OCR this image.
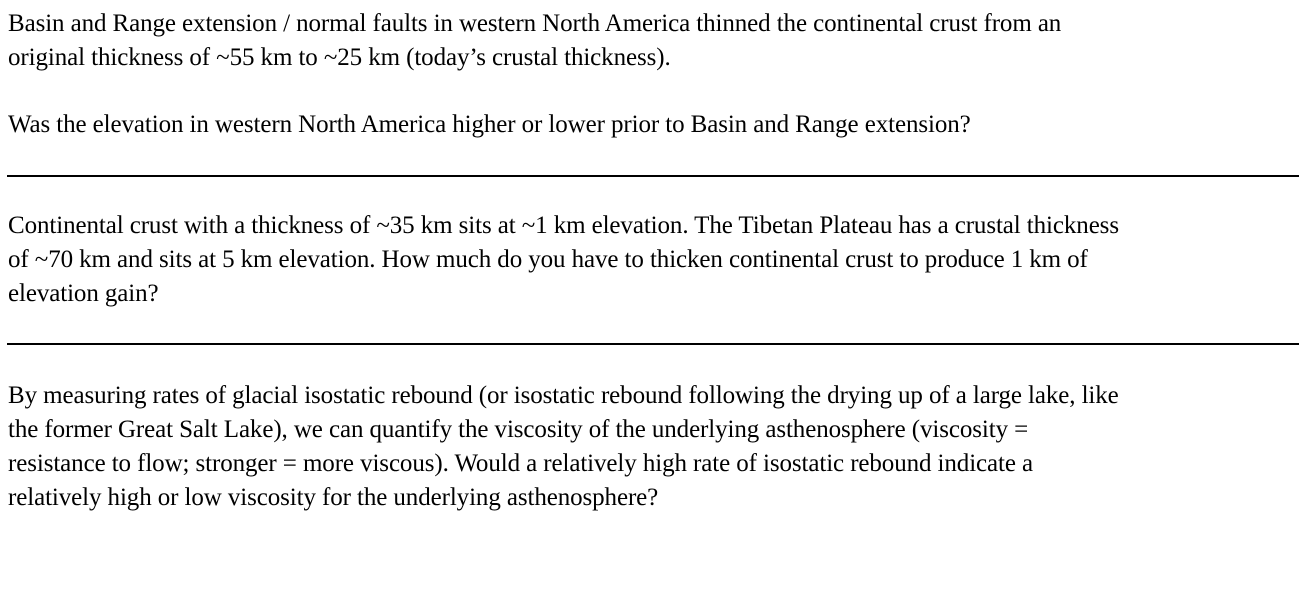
Basin and Range extension / normal faults in western North America thinned the continental crust from an
original thickness of ~55 km to ~25 km (today’s crustal thickness).

Was the elevation in western North America higher or lower prior to Basin and Range extension?

Continental crust with a thickness of ~35 km sits at ~1 km elevation. The Tibetan Plateau has a crustal thickness
of ~70 km and sits at 5 km elevation. How much do you have to thicken continental crust to produce 1 km of
elevation gain?

By measuring rates of glacial isostatic rebound (or isostatic rebound following the drying up of a large lake, like
the former Great Salt Lake), we can quantify the viscosity of the underlying asthenosphere (viscosity =
resistance to flow; stronger = more viscous). Would a relatively high rate of isostatic rebound indicate a
relatively high or low viscosity for the underlying asthenosphere?
